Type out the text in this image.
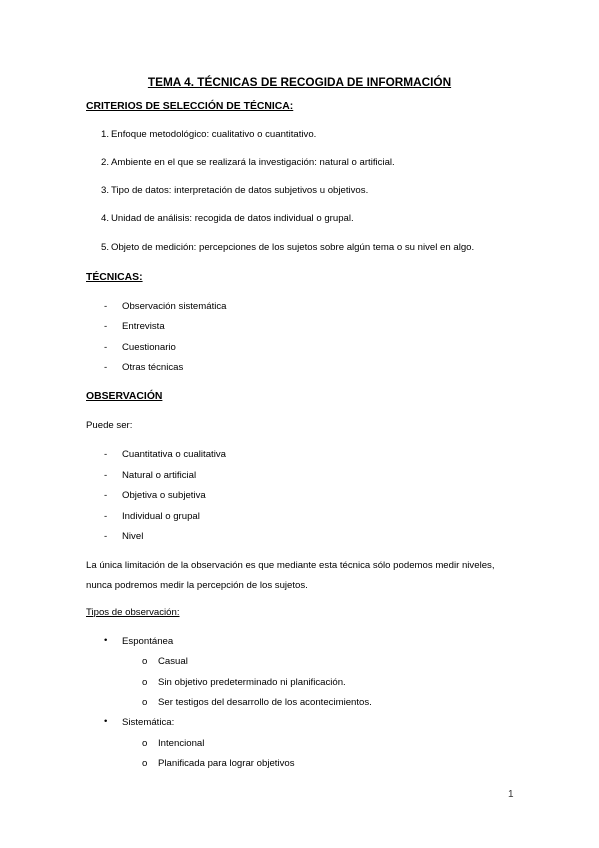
TEMA 4. TÉCNICAS DE RECOGIDA DE INFORMACIÓN
CRITERIOS DE SELECCIÓN DE TÉCNICA:
1. Enfoque metodológico: cualitativo o cuantitativo.
2. Ambiente en el que se realizará la investigación: natural o artificial.
3. Tipo de datos: interpretación de datos subjetivos u objetivos.
4. Unidad de análisis: recogida de datos individual o grupal.
5. Objeto de medición: percepciones de los sujetos sobre algún tema o su nivel en algo.
TÉCNICAS:
- Observación sistemática
- Entrevista
- Cuestionario
- Otras técnicas
OBSERVACIÓN
Puede ser:
- Cuantitativa o cualitativa
- Natural o artificial
- Objetiva o subjetiva
- Individual o grupal
- Nivel
La única limitación de la observación es que mediante esta técnica sólo podemos medir niveles,
nunca podremos medir la percepción de los sujetos.
Tipos de observación:
• Espontánea
o Casual
o Sin objetivo predeterminado ni planificación.
o Ser testigos del desarrollo de los acontecimientos.
• Sistemática:
o Intencional
o Planificada para lograr objetivos
1
